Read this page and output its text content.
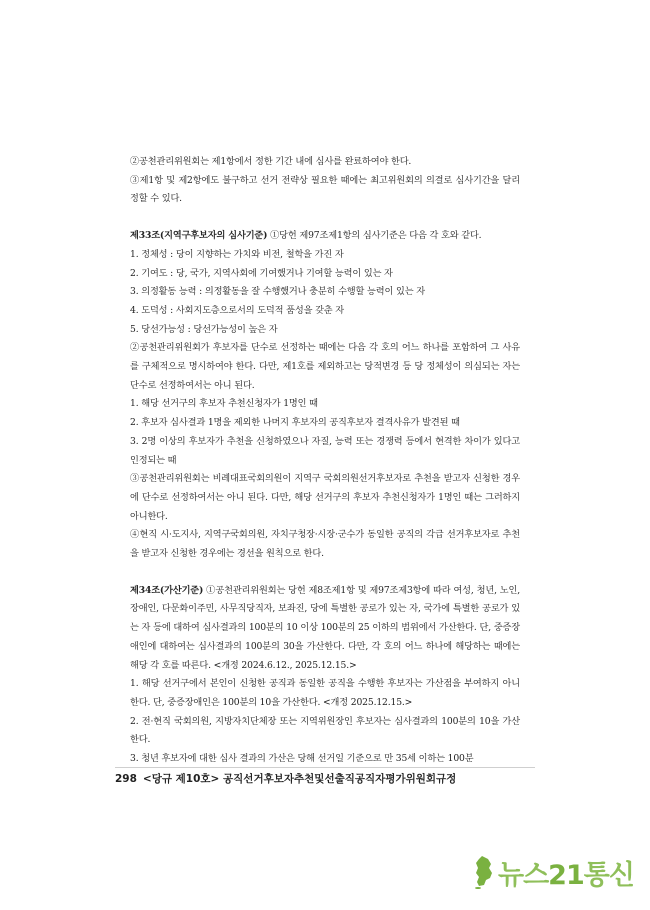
②공천관리위원회는 제1항에서 정한 기간 내에 심사를 완료하여야 한다.

③제1항 및 제2항에도 불구하고 선거 전략상 필요한 때에는 최고위원회의 의결로 심사기간을 달리 정할 수 있다.

제33조(지역구후보자의 심사기준) ①당헌 제97조제1항의 심사기준은 다음 각 호와 같다.

1. 정체성 : 당이 지향하는 가치와 비전, 철학을 가진 자

2. 기여도 : 당, 국가, 지역사회에 기여했거나 기여할 능력이 있는 자

3. 의정활동 능력 : 의정활동을 잘 수행했거나 충분히 수행할 능력이 있는 자

4. 도덕성 : 사회지도층으로서의 도덕적 품성을 갖춘 자

5. 당선가능성 : 당선가능성이 높은 자

②공천관리위원회가 후보자를 단수로 선정하는 때에는 다음 각 호의 어느 하나를 포함하여 그 사유를 구체적으로 명시하여야 한다. 다만, 제1호를 제외하고는 당적변경 등 당 정체성이 의심되는 자는 단수로 선정하여서는 아니 된다.

1. 해당 선거구의 후보자 추천신청자가 1명인 때

2. 후보자 심사결과 1명을 제외한 나머지 후보자의 공직후보자 결격사유가 발견된 때

3. 2명 이상의 후보자가 추천을 신청하였으나 자질, 능력 또는 경쟁력 등에서 현격한 차이가 있다고 인정되는 때

③공천관리위원회는 비례대표국회의원이 지역구 국회의원선거후보자로 추천을 받고자 신청한 경우에 단수로 선정하여서는 아니 된다. 다만, 해당 선거구의 후보자 추천신청자가 1명인 때는 그러하지 아니한다.

④현직 시·도지사, 지역구국회의원, 자치구청장·시장·군수가 동일한 공직의 각급 선거후보자로 추천을 받고자 신청한 경우에는 경선을 원칙으로 한다.

제34조(가산기준) ①공천관리위원회는 당헌 제8조제1항 및 제97조제3항에 따라 여성, 청년, 노인, 장애인, 다문화이주민, 사무직당직자, 보좌진, 당에 특별한 공로가 있는 자, 국가에 특별한 공로가 있는 자 등에 대하여 심사결과의 100분의 10 이상 100분의 25 이하의 범위에서 가산한다. 단, 중증장애인에 대하여는 심사결과의 100분의 30을 가산한다. 다만, 각 호의 어느 하나에 해당하는 때에는 해당 각 호를 따른다. <개정 2024.6.12., 2025.12.15.>

1. 해당 선거구에서 본인이 신청한 공직과 동일한 공직을 수행한 후보자는 가산점을 부여하지 아니한다. 단, 중증장애인은 100분의 10을 가산한다. <개정 2025.12.15.>

2. 전·현직 국회의원, 지방자치단체장 또는 지역위원장인 후보자는 심사결과의 100분의 10을 가산한다.

3. 청년 후보자에 대한 심사 결과의 가산은 당해 선거일 기준으로 만 35세 이하는 100분

298 <당규 제10호> 공직선거후보자추천및선출직공직자평가위원회규정
뉴스21통신
